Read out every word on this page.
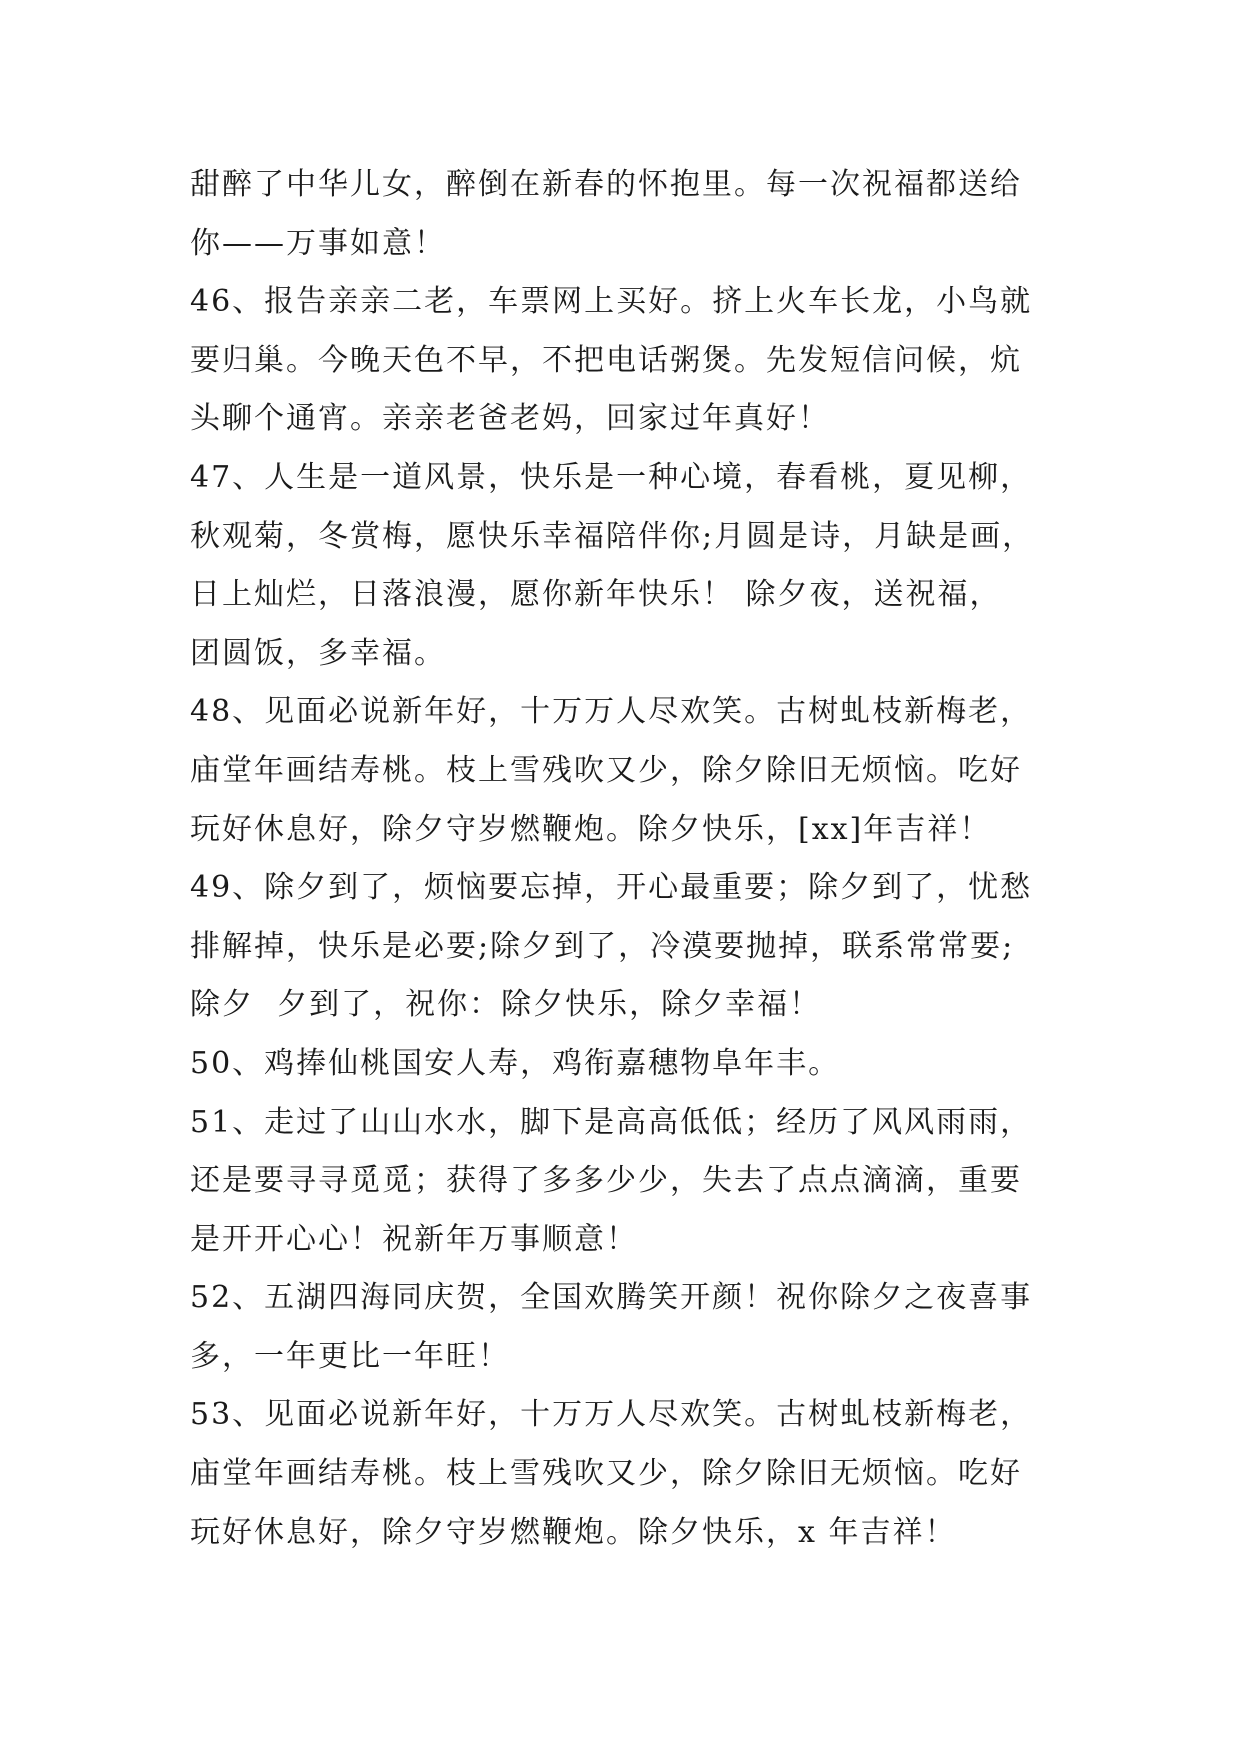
甜醉了中华儿女，醉倒在新春的怀抱里。每一次祝福都送给
你——万事如意！
46、报告亲亲二老，车票网上买好。挤上火车长龙，小鸟就
要归巢。今晚天色不早，不把电话粥煲。先发短信问候，炕
头聊个通宵。亲亲老爸老妈，回家过年真好！
47、人生是一道风景，快乐是一种心境，春看桃，夏见柳，
秋观菊，冬赏梅，愿快乐幸福陪伴你;月圆是诗，月缺是画，
日上灿烂，日落浪漫，愿你新年快乐！ 除夕夜，送祝福，
团圆饭，多幸福。
48、见面必说新年好，十万万人尽欢笑。古树虬枝新梅老，
庙堂年画结寿桃。枝上雪残吹又少，除夕除旧无烦恼。吃好
玩好休息好，除夕守岁燃鞭炮。除夕快乐，[xx]年吉祥！
49、除夕到了，烦恼要忘掉，开心最重要；除夕到了，忧愁
排解掉，快乐是必要;除夕到了，冷漠要抛掉，联系常常要;
除夕  夕到了，祝你：除夕快乐，除夕幸福！
50、鸡捧仙桃国安人寿，鸡衔嘉穗物阜年丰。
51、走过了山山水水，脚下是高高低低；经历了风风雨雨，
还是要寻寻觅觅；获得了多多少少，失去了点点滴滴，重要
是开开心心！祝新年万事顺意！
52、五湖四海同庆贺，全国欢腾笑开颜！祝你除夕之夜喜事
多，一年更比一年旺！
53、见面必说新年好，十万万人尽欢笑。古树虬枝新梅老，
庙堂年画结寿桃。枝上雪残吹又少，除夕除旧无烦恼。吃好
玩好休息好，除夕守岁燃鞭炮。除夕快乐，x 年吉祥！
